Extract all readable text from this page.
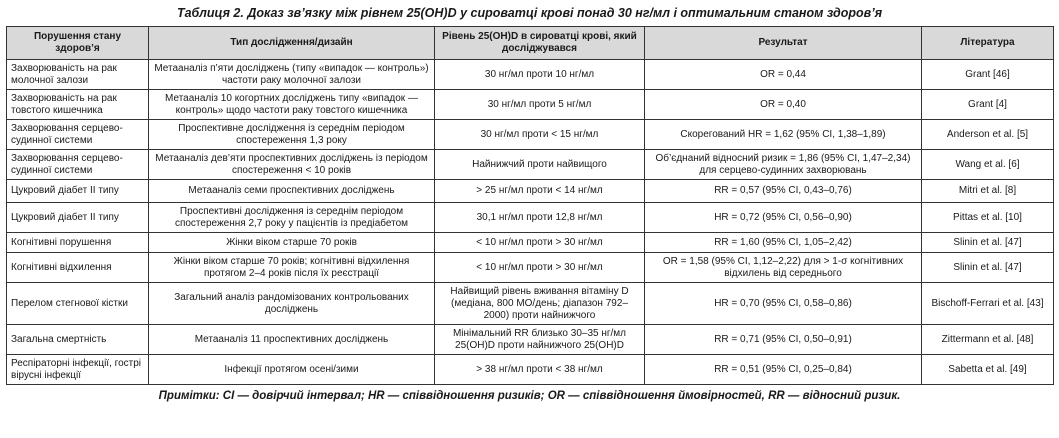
Таблиця 2. Доказ зв’язку між рівнем 25(OH)D у сироватці крові понад 30 нг/мл і оптимальним станом здоров’я
Порушення стану здоров’я	Тип дослідження/дизайн	Рівень 25(OH)D в сироватці крові, який досліджувався	Результат	Література
Захворюваність на рак молочної залози	Метааналіз п’яти досліджень (типу «випадок — контроль») частоти раку молочної залози	30 нг/мл проти 10 нг/мл	OR = 0,44	Grant [46]
Захворюваність на рак товстого кишечника	Метааналіз 10 когортних досліджень типу «випадок — контроль» щодо частоти раку товстого кишечника	30 нг/мл проти 5 нг/мл	OR = 0,40	Grant [4]
Захворювання серцево-судинної системи	Проспективне дослідження із середнім періодом спостереження 1,3 року	30 нг/мл проти < 15 нг/мл	Скорегований HR = 1,62 (95% CI, 1,38–1,89)	Anderson et al. [5]
Захворювання серцево-судинної системи	Метааналіз дев’яти проспективних досліджень із періодом спостереження < 10 років	Найнижчий проти найвищого	Об’єднаний відносний ризик = 1,86 (95% CI, 1,47–2,34) для серцево-судинних захворювань	Wang et al. [6]
Цукровий діабет II типу	Метааналіз семи проспективних досліджень	> 25 нг/мл проти < 14 нг/мл	RR = 0,57 (95% CI, 0,43–0,76)	Mitri et al. [8]
Цукровий діабет II типу	Проспективні дослідження із середнім періодом спостереження 2,7 року у пацієнтів із предіабетом	30,1 нг/мл проти 12,8 нг/мл	HR = 0,72 (95% CI, 0,56–0,90)	Pittas et al. [10]
Когнітивні порушення	Жінки віком старше 70 років	< 10 нг/мл проти > 30 нг/мл	RR = 1,60 (95% CI, 1,05–2,42)	Slinin et al. [47]
Когнітивні відхилення	Жінки віком старше 70 років; когнітивні відхилення протягом 2–4 років після їх реєстрації	< 10 нг/мл проти > 30 нг/мл	OR = 1,58 (95% CI, 1,12–2,22) для > 1-σ когнітивних відхилень від середнього	Slinin et al. [47]
Перелом стегнової кістки	Загальний аналіз рандомізованих контрольованих досліджень	Найвищий рівень вживання вітаміну D (медіана, 800 МО/день; діапазон 792–2000) проти найнижчого	HR = 0,70 (95% CI, 0,58–0,86)	Bischoff-Ferrari et al. [43]
Загальна смертність	Метааналіз 11 проспективних досліджень	Мінімальний RR близько 30–35 нг/мл 25(OH)D проти найнижчого 25(OH)D	RR = 0,71 (95% CI, 0,50–0,91)	Zittermann et al. [48]
Респіраторні інфекції, гострі вірусні інфекції	Інфекції протягом осені/зими	> 38 нг/мл проти < 38 нг/мл	RR = 0,51 (95% CI, 0,25–0,84)	Sabetta et al. [49]
Примітки: CI — довірчий інтервал; HR — співвідношення ризиків; OR — співвідношення ймовірностей, RR — відносний ризик.
